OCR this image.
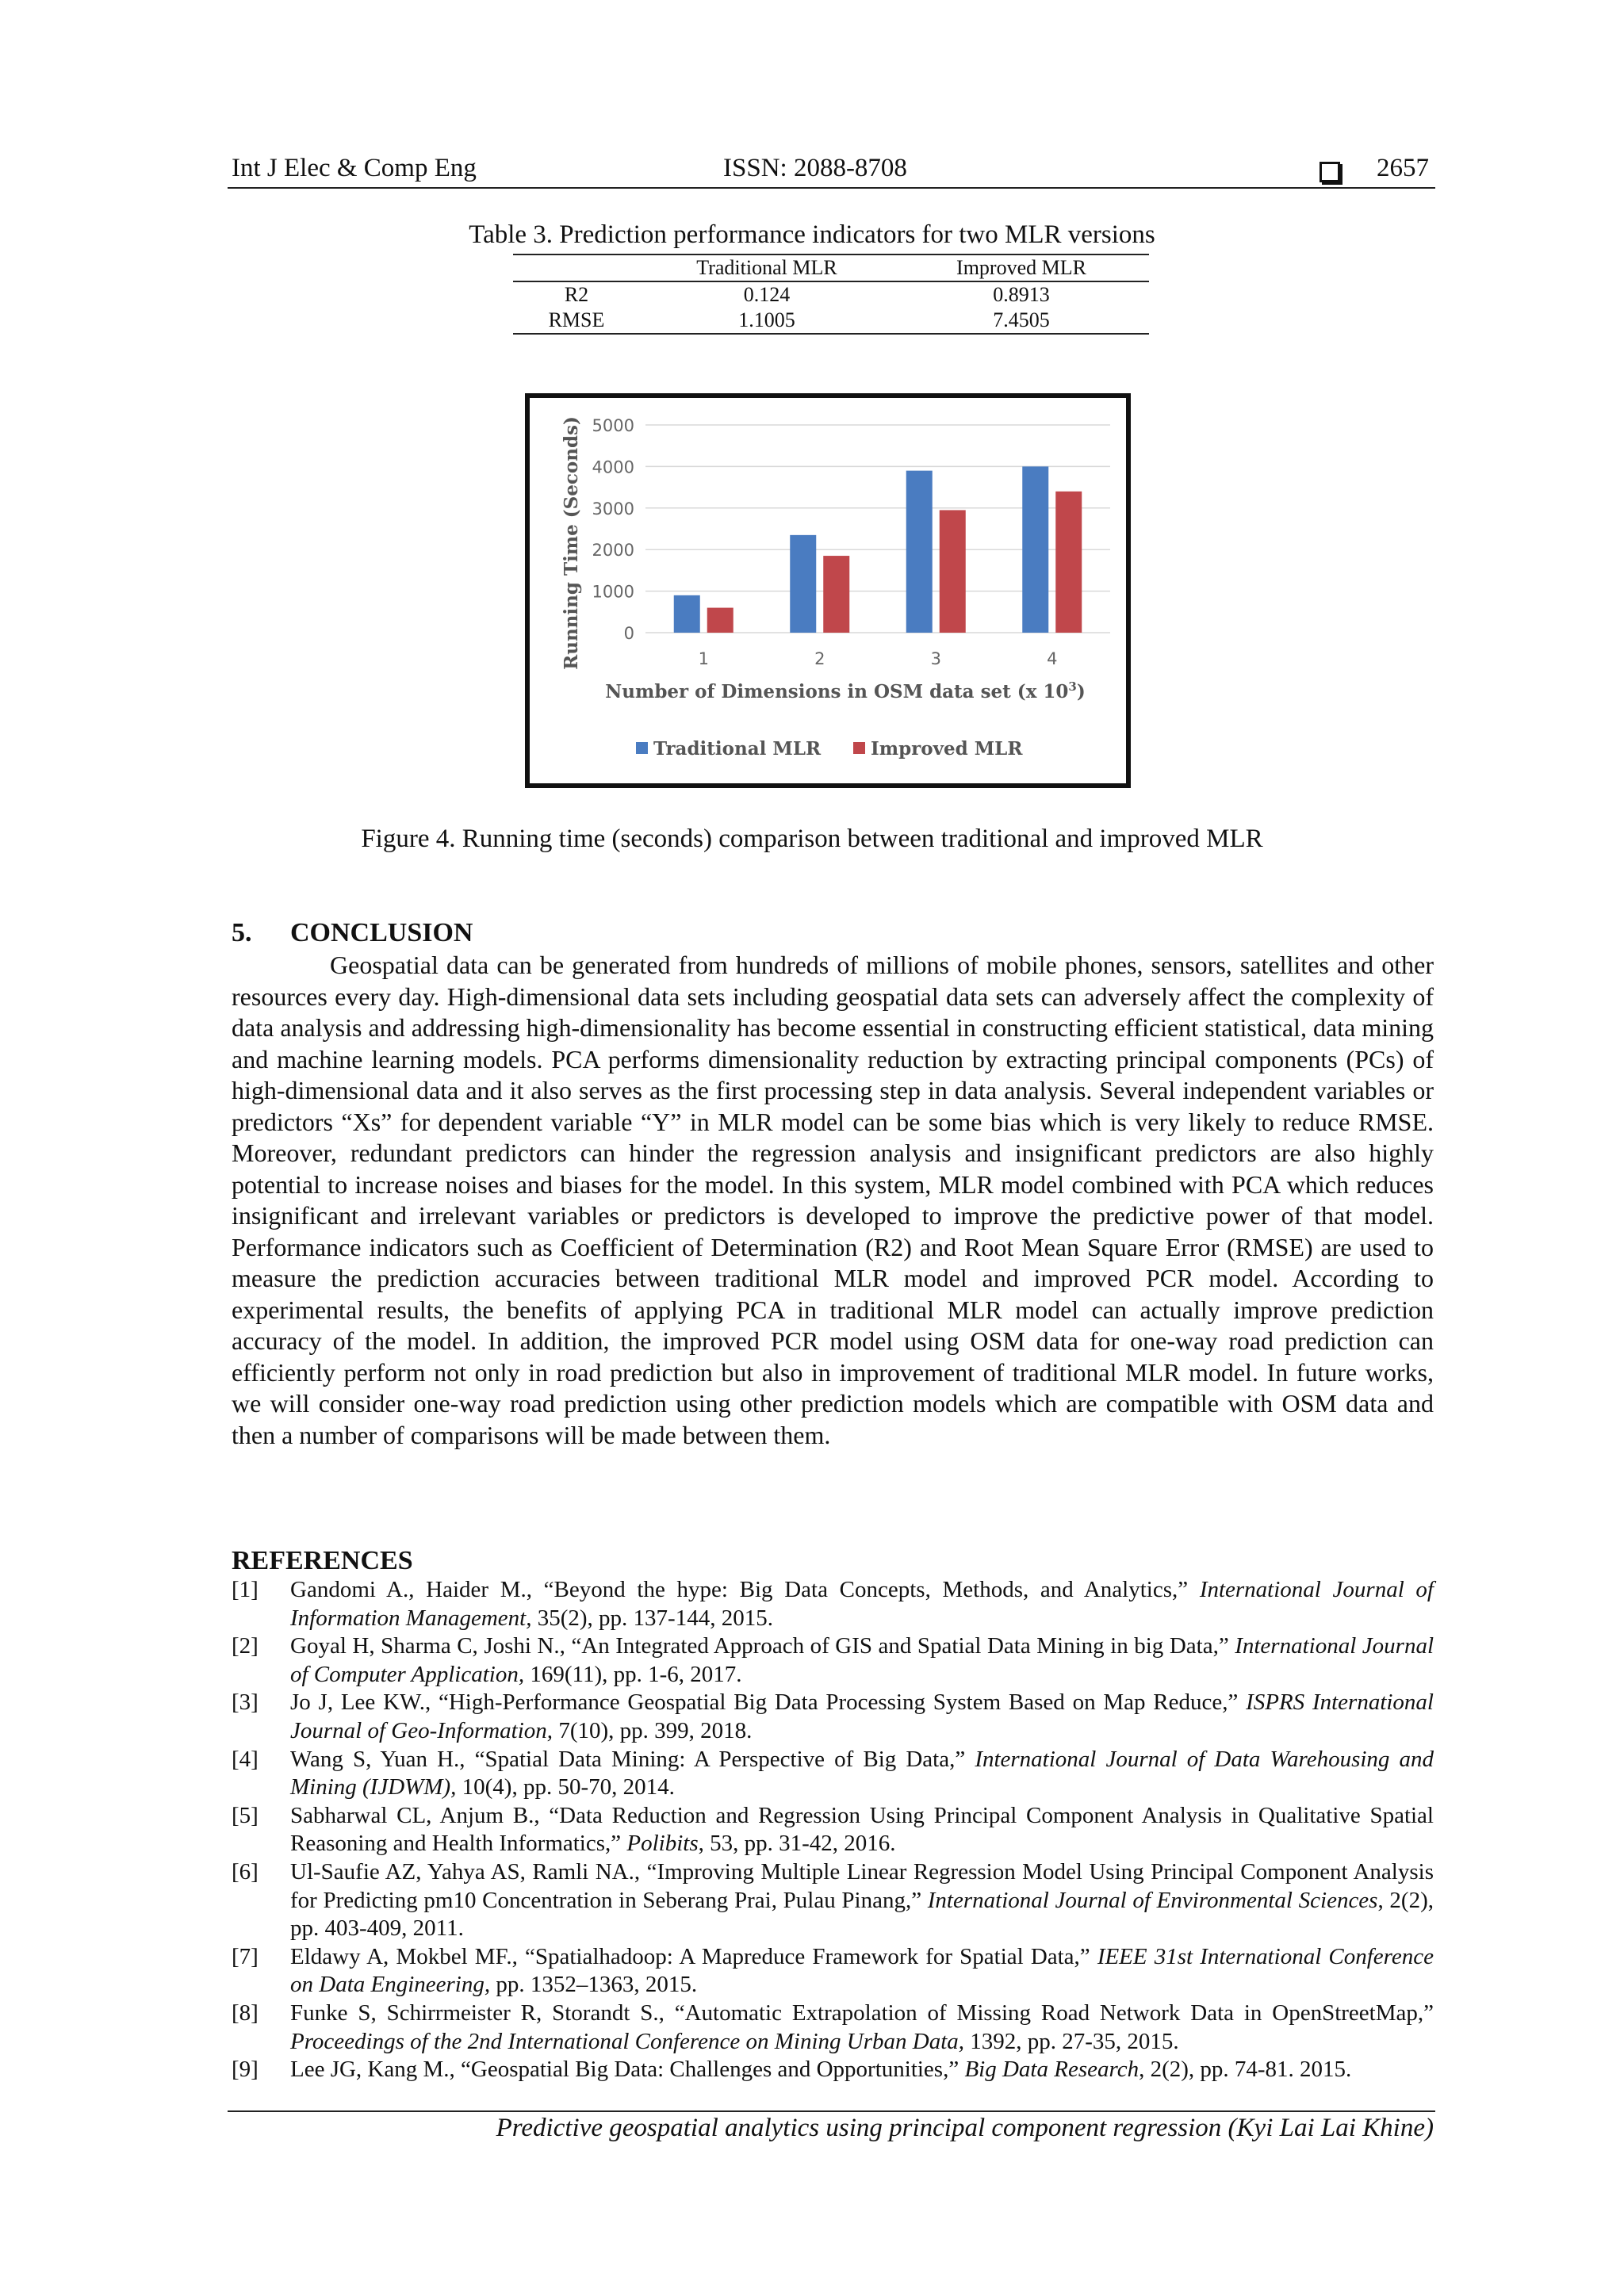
Int J Elec & Comp Eng	ISSN: 2088-8708	2657
Table 3. Prediction performance indicators for two MLR versions
	Traditional MLR	Improved MLR
R2	0.124	0.8913
RMSE	1.1005	7.4505
0
1000
2000
3000
4000
5000
1	2	3	4
Running Time (Seconds)
Number of Dimensions in OSM data set (x $10^3$)
Traditional MLR	Improved MLR
Figure 4. Running time (seconds) comparison between traditional and improved MLR
5. CONCLUSION
Geospatial data can be generated from hundreds of millions of mobile phones, sensors, satellites and other resources every day. High-dimensional data sets including geospatial data sets can adversely affect the complexity of data analysis and addressing high-dimensionality has become essential in constructing efficient statistical, data mining and machine learning models. PCA performs dimensionality reduction by extracting principal components (PCs) of high-dimensional data and it also serves as the first processing step in data analysis. Several independent variables or predictors “Xs” for dependent variable “Y” in MLR model can be some bias which is very likely to reduce RMSE. Moreover, redundant predictors can hinder the regression analysis and insignificant predictors are also highly potential to increase noises and biases for the model. In this system, MLR model combined with PCA which reduces insignificant and irrelevant variables or predictors is developed to improve the predictive power of that model. Performance indicators such as Coefficient of Determination (R2) and Root Mean Square Error (RMSE) are used to measure the prediction accuracies between traditional MLR model and improved PCR model. According to experimental results, the benefits of applying PCA in traditional MLR model can actually improve prediction accuracy of the model. In addition, the improved PCR model using OSM data for one-way road prediction can efficiently perform not only in road prediction but also in improvement of traditional MLR model. In future works, we will consider one-way road prediction using other prediction models which are compatible with OSM data and then a number of comparisons will be made between them.
REFERENCES
[1]	Gandomi A., Haider M., “Beyond the hype: Big Data Concepts, Methods, and Analytics,” International Journal of Information Management, 35(2), pp. 137-144, 2015.
[2]	Goyal H, Sharma C, Joshi N., “An Integrated Approach of GIS and Spatial Data Mining in big Data,” International Journal of Computer Application, 169(11), pp. 1-6, 2017.
[3]	Jo J, Lee KW., “High-Performance Geospatial Big Data Processing System Based on Map Reduce,” ISPRS International Journal of Geo-Information, 7(10), pp. 399, 2018.
[4]	Wang S, Yuan H., “Spatial Data Mining: A Perspective of Big Data,” International Journal of Data Warehousing and Mining (IJDWM), 10(4), pp. 50-70, 2014.
[5]	Sabharwal CL, Anjum B., “Data Reduction and Regression Using Principal Component Analysis in Qualitative Spatial Reasoning and Health Informatics,” Polibits, 53, pp. 31-42, 2016.
[6]	Ul-Saufie AZ, Yahya AS, Ramli NA., “Improving Multiple Linear Regression Model Using Principal Component Analysis for Predicting pm10 Concentration in Seberang Prai, Pulau Pinang,” International Journal of Environmental Sciences, 2(2), pp. 403-409, 2011.
[7]	Eldawy A, Mokbel MF., “Spatialhadoop: A Mapreduce Framework for Spatial Data,” IEEE 31st International Conference on Data Engineering, pp. 1352–1363, 2015.
[8]	Funke S, Schirrmeister R, Storandt S., “Automatic Extrapolation of Missing Road Network Data in OpenStreetMap,” Proceedings of the 2nd International Conference on Mining Urban Data, 1392, pp. 27-35, 2015.
[9]	Lee JG, Kang M., “Geospatial Big Data: Challenges and Opportunities,” Big Data Research, 2(2), pp. 74-81. 2015.
Predictive geospatial analytics using principal component regression (Kyi Lai Lai Khine)
